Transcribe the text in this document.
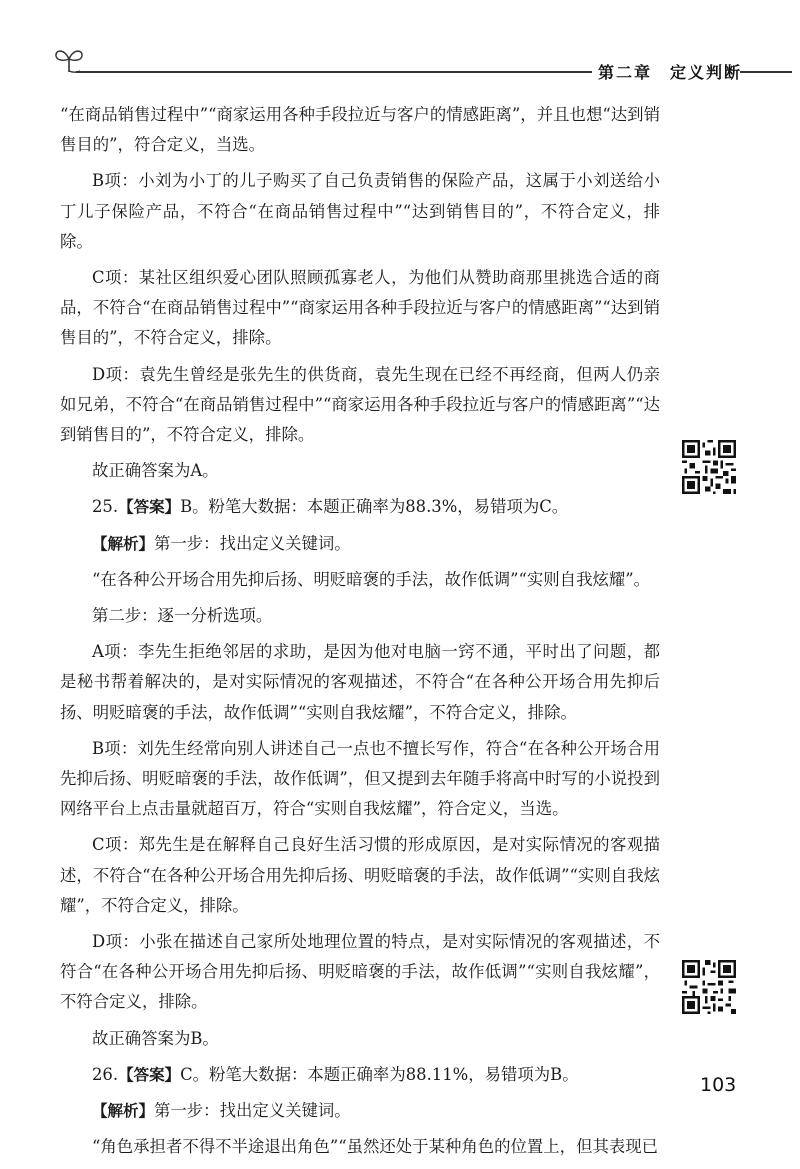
第二章 定义判断

“在商品销售过程中”“商家运用各种手段拉近与客户的情感距离”，并且也想“达到销售目的”，符合定义，当选。

B项：小刘为小丁的儿子购买了自己负责销售的保险产品，这属于小刘送给小丁儿子保险产品，不符合“在商品销售过程中”“达到销售目的”，不符合定义，排除。

C项：某社区组织爱心团队照顾孤寡老人，为他们从赞助商那里挑选合适的商品，不符合“在商品销售过程中”“商家运用各种手段拉近与客户的情感距离”“达到销售目的”，不符合定义，排除。

D项：袁先生曾经是张先生的供货商，袁先生现在已经不再经商，但两人仍亲如兄弟，不符合“在商品销售过程中”“商家运用各种手段拉近与客户的情感距离”“达到销售目的”，不符合定义，排除。

故正确答案为A。

25.【答案】B。粉笔大数据：本题正确率为88.3%，易错项为C。

【解析】第一步：找出定义关键词。

“在各种公开场合用先抑后扬、明贬暗褒的手法，故作低调”“实则自我炫耀”。

第二步：逐一分析选项。

A项：李先生拒绝邻居的求助，是因为他对电脑一窍不通，平时出了问题，都是秘书帮着解决的，是对实际情况的客观描述，不符合“在各种公开场合用先抑后扬、明贬暗褒的手法，故作低调”“实则自我炫耀”，不符合定义，排除。

B项：刘先生经常向别人讲述自己一点也不擅长写作，符合“在各种公开场合用先抑后扬、明贬暗褒的手法，故作低调”，但又提到去年随手将高中时写的小说投到网络平台上点击量就超百万，符合“实则自我炫耀”，符合定义，当选。

C项：郑先生是在解释自己良好生活习惯的形成原因，是对实际情况的客观描述，不符合“在各种公开场合用先抑后扬、明贬暗褒的手法，故作低调”“实则自我炫耀”，不符合定义，排除。

D项：小张在描述自己家所处地理位置的特点，是对实际情况的客观描述，不符合“在各种公开场合用先抑后扬、明贬暗褒的手法，故作低调”“实则自我炫耀”，不符合定义，排除。

故正确答案为B。

26.【答案】C。粉笔大数据：本题正确率为88.11%，易错项为B。

【解析】第一步：找出定义关键词。

“角色承担者不得不半途退出角色”“虽然还处于某种角色的位置上，但其表现已

103
